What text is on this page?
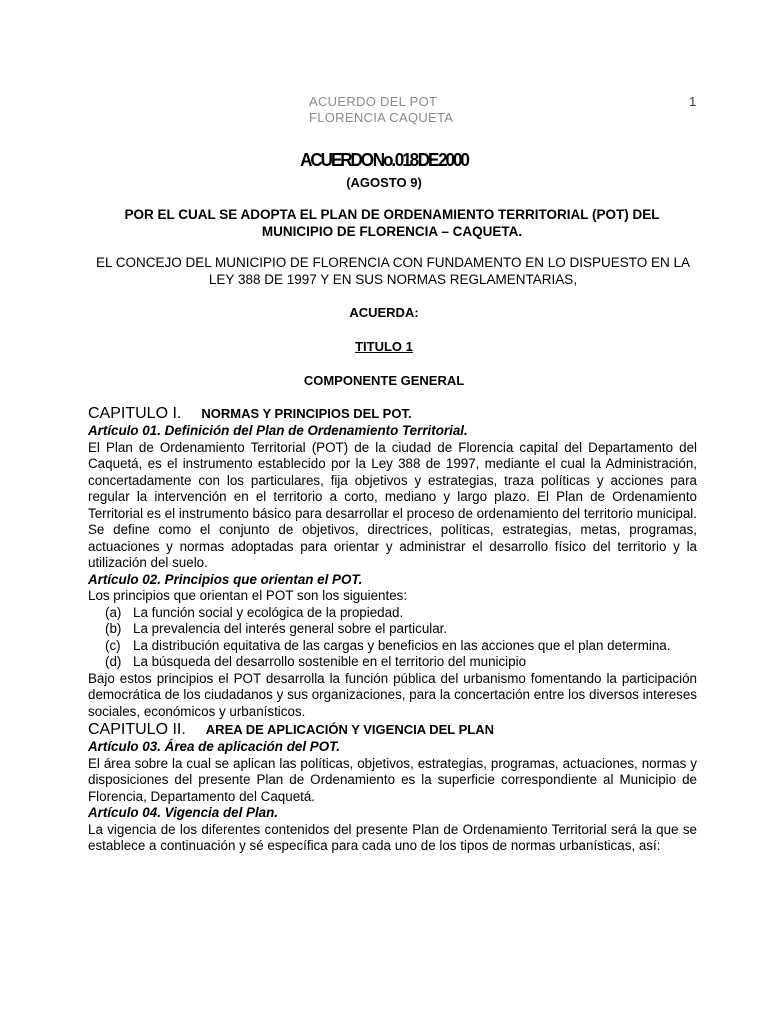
ACUERDO DEL POT
FLORENCIA CAQUETA
1
ACUERDO No. 018 DE 2000
(AGOSTO 9)
POR EL CUAL SE ADOPTA EL PLAN DE ORDENAMIENTO TERRITORIAL (POT) DEL MUNICIPIO DE FLORENCIA – CAQUETA.
EL CONCEJO DEL MUNICIPIO DE FLORENCIA CON FUNDAMENTO EN LO DISPUESTO EN LA LEY 388 DE 1997 Y EN SUS NORMAS REGLAMENTARIAS,
ACUERDA:
TITULO 1
COMPONENTE GENERAL
CAPITULO I. NORMAS Y PRINCIPIOS DEL POT.
Artículo 01. Definición del Plan de Ordenamiento Territorial.
El Plan de Ordenamiento Territorial (POT) de la ciudad de Florencia capital del Departamento del Caquetá, es el instrumento establecido por la Ley 388 de 1997, mediante el cual la Administración, concertadamente con los particulares, fija objetivos y estrategias, traza políticas y acciones para regular la intervención en el territorio a corto, mediano y largo plazo. El Plan de Ordenamiento Territorial es el instrumento básico para desarrollar el proceso de ordenamiento del territorio municipal. Se define como el conjunto de objetivos, directrices, políticas, estrategias, metas, programas, actuaciones y normas adoptadas para orientar y administrar el desarrollo físico del territorio y la utilización del suelo.
Artículo 02. Principios que orientan el POT.
Los principios que orientan el POT son los siguientes:
(a) La función social y ecológica de la propiedad.
(b) La prevalencia del interés general sobre el particular.
(c) La distribución equitativa de las cargas y beneficios en las acciones que el plan determina.
(d) La búsqueda del desarrollo sostenible en el territorio del municipio
Bajo estos principios el POT desarrolla la función pública del urbanismo fomentando la participación democrática de los ciudadanos y sus organizaciones, para la concertación entre los diversos intereses sociales, económicos y urbanísticos.
CAPITULO II. AREA DE APLICACIÓN Y VIGENCIA DEL PLAN
Artículo 03. Área de aplicación del POT.
El área sobre la cual se aplican las políticas, objetivos, estrategias, programas, actuaciones, normas y disposiciones del presente Plan de Ordenamiento es la superficie correspondiente al Municipio de Florencia, Departamento del Caquetá.
Artículo 04. Vigencia del Plan.
La vigencia de los diferentes contenidos del presente Plan de Ordenamiento Territorial será la que se establece a continuación y sé específica para cada uno de los tipos de normas urbanísticas, así:
